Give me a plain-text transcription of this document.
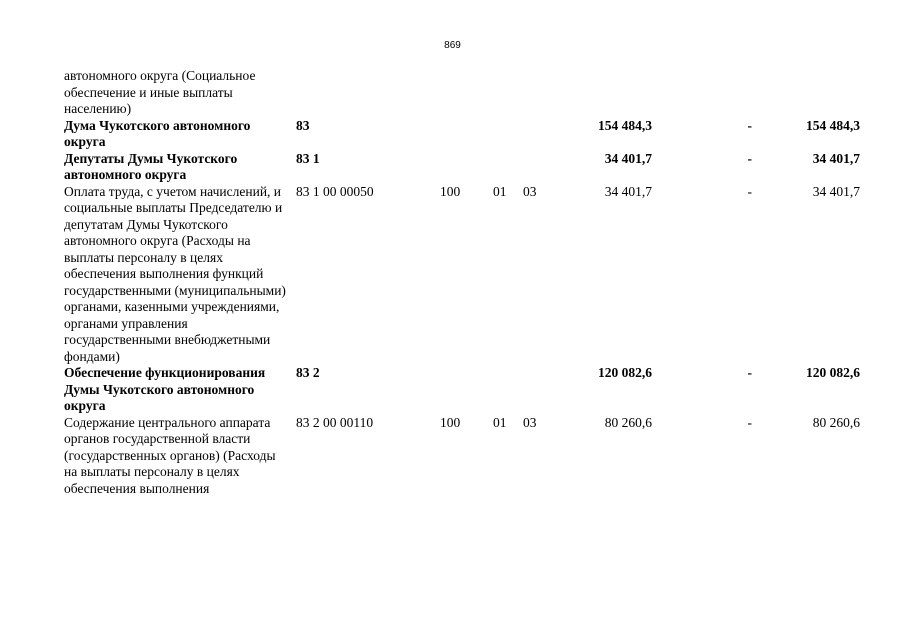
869
автономного округа (Социальное обеспечение и иные выплаты населению)							
Дума Чукотского автономного округа	83				154 484,3	-	154 484,3
Депутаты Думы Чукотского автономного округа	83 1				34 401,7	-	34 401,7
Оплата труда, с учетом начислений, и социальные выплаты Председателю и депутатам Думы Чукотского автономного округа (Расходы на выплаты персоналу в целях обеспечения выполнения функций государственными (муниципальными) органами, казенными учреждениями, органами управления государственными внебюджетными фондами)	83 1 00 00050	100	01	03	34 401,7	-	34 401,7
Обеспечение функционирования Думы Чукотского автономного округа	83 2				120 082,6	-	120 082,6
Содержание центрального аппарата органов государственной власти (государственных органов) (Расходы на выплаты персоналу в целях обеспечения выполнения	83 2 00 00110	100	01	03	80 260,6	-	80 260,6
